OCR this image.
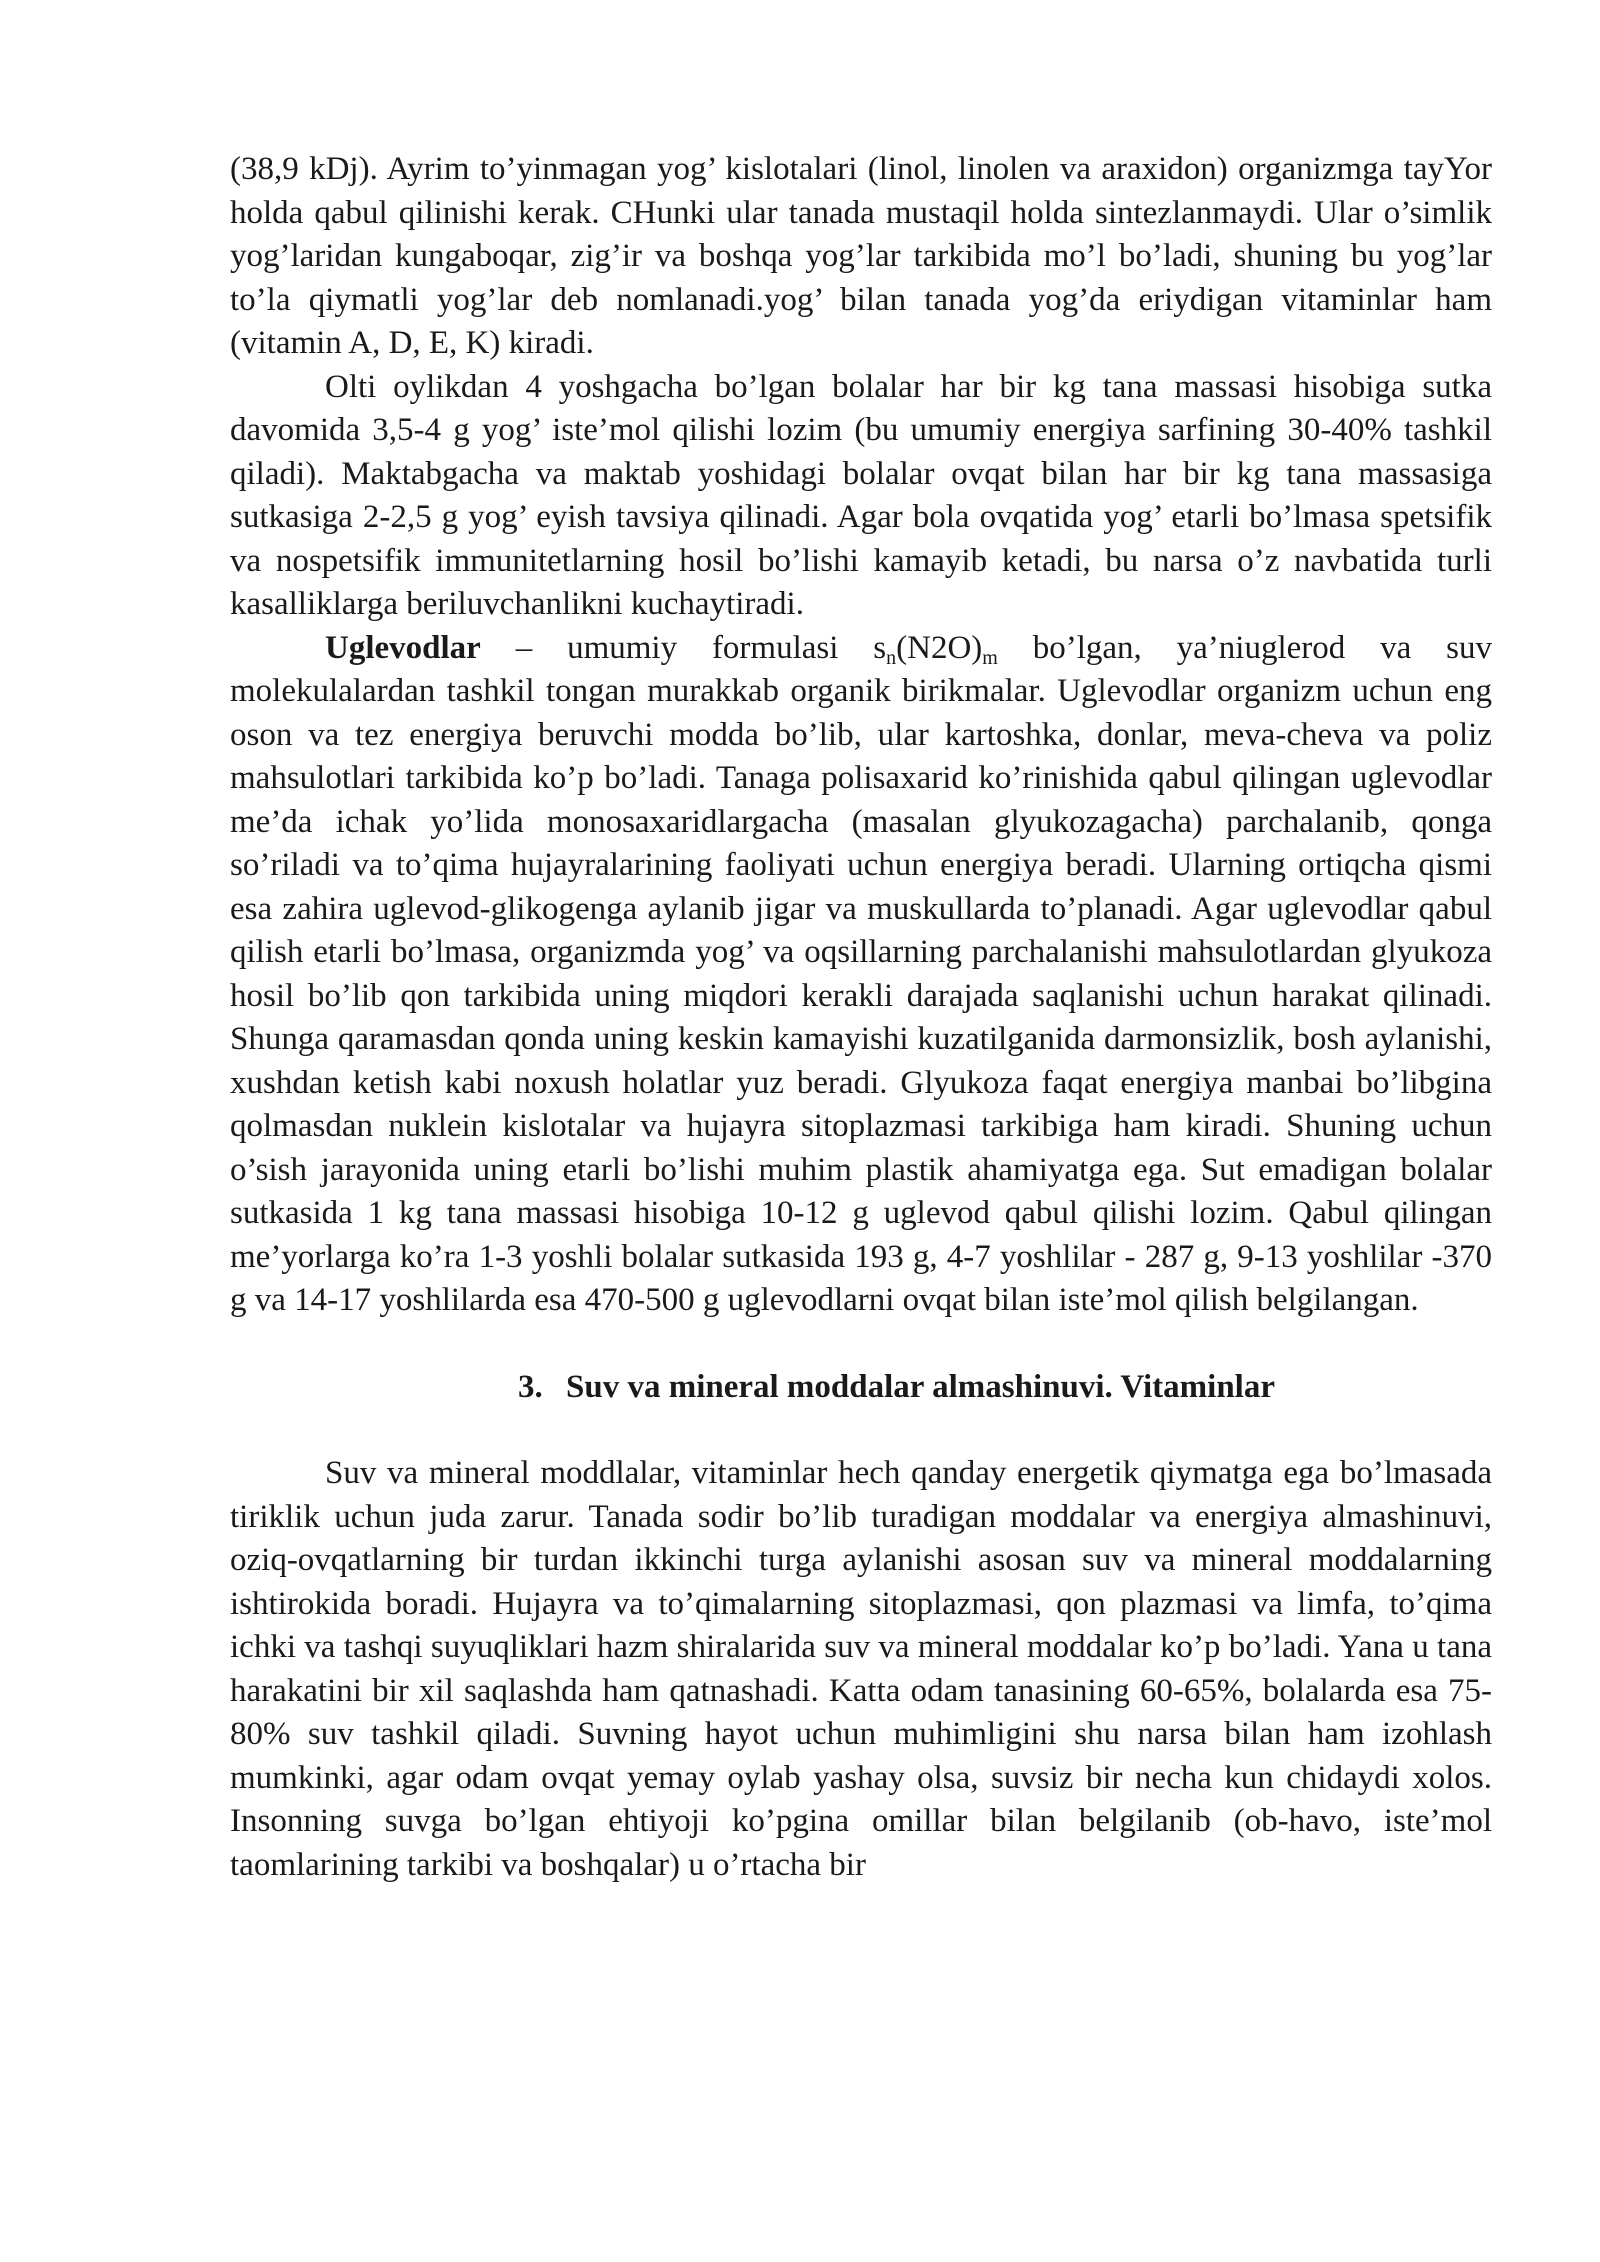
(38,9 kDj). Ayrim to’yinmagan yog’ kislotalari (linol, linolen va araxidon) organizmga tayYor holda qabul qilinishi kerak. CHunki ular tanada mustaqil holda sintezlanmaydi. Ular o’simlik yog’laridan kungaboqar, zig’ir va boshqa yog’lar tarkibida mo’l bo’ladi, shuning bu yog’lar to’la qiymatli yog’lar deb nomlanadi.yog’ bilan tanada yog’da eriydigan vitaminlar ham (vitamin A, D, E, K) kiradi.

Olti oylikdan 4 yoshgacha bo’lgan bolalar har bir kg tana massasi hisobiga sutka davomida 3,5-4 g yog’ iste’mol qilishi lozim (bu umumiy energiya sarfining 30-40% tashkil qiladi). Maktabgacha va maktab yoshidagi bolalar ovqat bilan har bir kg tana massasiga sutkasiga 2-2,5 g yog’ eyish tavsiya qilinadi. Agar bola ovqatida yog’ etarli bo’lmasa spetsifik va nospetsifik immunitetlarning hosil bo’lishi kamayib ketadi, bu narsa o’z navbatida turli kasalliklarga beriluvchanlikni kuchaytiradi.

Uglevodlar – umumiy formulasi $s_n(N2O)_m$ bo’lgan, ya’niuglerod va suv molekulalardan tashkil tongan murakkab organik birikmalar. Uglevodlar organizm uchun eng oson va tez energiya beruvchi modda bo’lib, ular kartoshka, donlar, meva-cheva va poliz mahsulotlari tarkibida ko’p bo’ladi. Tanaga polisaxarid ko’rinishida qabul qilingan uglevodlar me’da ichak yo’lida monosaxaridlargacha (masalan glyukozagacha) parchalanib, qonga so’riladi va to’qima hujayralarining faoliyati uchun energiya beradi. Ularning ortiqcha qismi esa zahira uglevod-glikogenga aylanib jigar va muskullarda to’planadi. Agar uglevodlar qabul qilish etarli bo’lmasa, organizmda yog’ va oqsillarning parchalanishi mahsulotlardan glyukoza hosil bo’lib qon tarkibida uning miqdori kerakli darajada saqlanishi uchun harakat qilinadi. Shunga qaramasdan qonda uning keskin kamayishi kuzatilganida darmonsizlik, bosh aylanishi, xushdan ketish kabi noxush holatlar yuz beradi. Glyukoza faqat energiya manbai bo’libgina qolmasdan nuklein kislotalar va hujayra sitoplazmasi tarkibiga ham kiradi. Shuning uchun o’sish jarayonida uning etarli bo’lishi muhim plastik ahamiyatga ega. Sut emadigan bolalar sutkasida 1 kg tana massasi hisobiga 10-12 g uglevod qabul qilishi lozim. Qabul qilingan me’yorlarga ko’ra 1-3 yoshli bolalar sutkasida 193 g, 4-7 yoshlilar - 287 g, 9-13 yoshlilar -370 g va 14-17 yoshlilarda esa 470-500 g uglevodlarni ovqat bilan iste’mol qilish belgilangan.

3. Suv va mineral moddalar almashinuvi. Vitaminlar

Suv va mineral moddlalar, vitaminlar hech qanday energetik qiymatga ega bo’lmasada tiriklik uchun juda zarur. Tanada sodir bo’lib turadigan moddalar va energiya almashinuvi, oziq-ovqatlarning bir turdan ikkinchi turga aylanishi asosan suv va mineral moddalarning ishtirokida boradi. Hujayra va to’qimalarning sitoplazmasi, qon plazmasi va limfa, to’qima ichki va tashqi suyuqliklari hazm shiralarida suv va mineral moddalar ko’p bo’ladi. Yana u tana harakatini bir xil saqlashda ham qatnashadi. Katta odam tanasining 60-65%, bolalarda esa 75-80% suv tashkil qiladi. Suvning hayot uchun muhimligini shu narsa bilan ham izohlash mumkinki, agar odam ovqat yemay oylab yashay olsa, suvsiz bir necha kun chidaydi xolos. Insonning suvga bo’lgan ehtiyoji ko’pgina omillar bilan belgilanib (ob-havo, iste’mol taomlarining tarkibi va boshqalar) u o’rtacha bir
